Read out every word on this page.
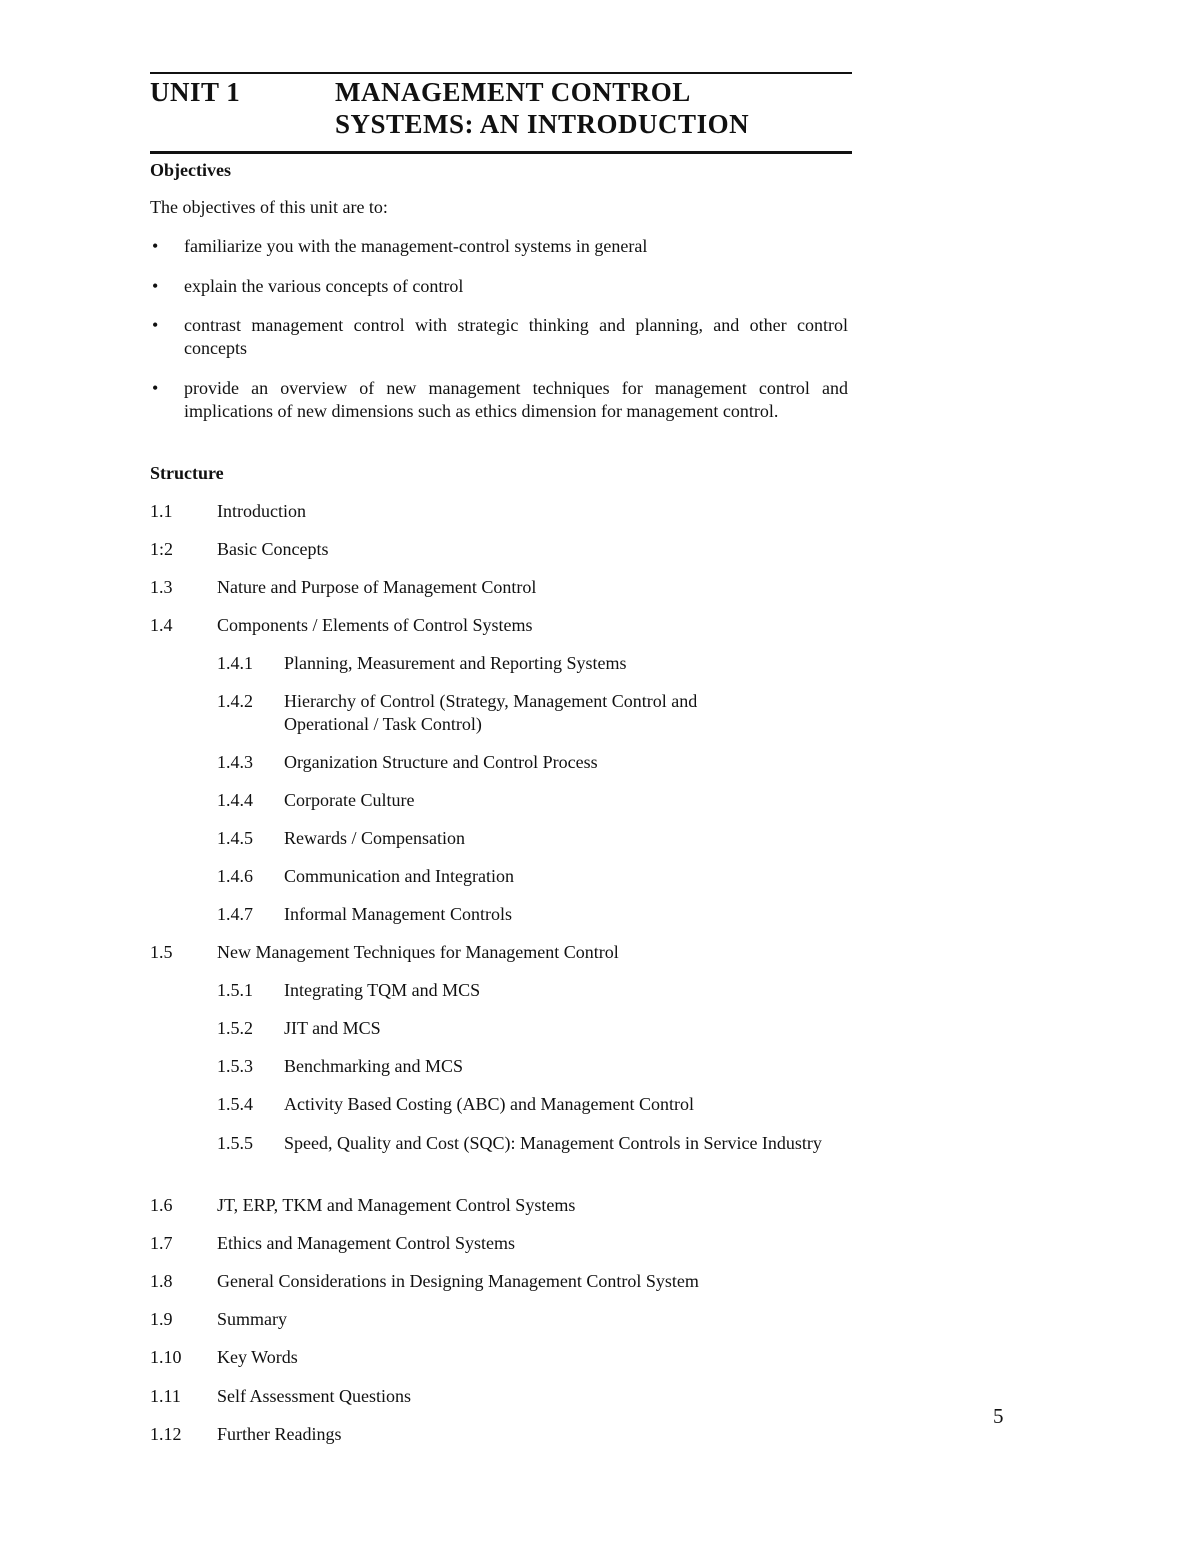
UNIT 1	MANAGEMENT CONTROL
SYSTEMS: AN INTRODUCTION
Objectives
The objectives of this unit are to:
• familiarize you with the management-control systems in general
• explain the various concepts of control
• contrast management control with strategic thinking and planning, and other control concepts
• provide an overview of new management techniques for management control and implications of new dimensions such as ethics dimension for management control.
Structure
1.1 Introduction
1:2 Basic Concepts
1.3 Nature and Purpose of Management Control
1.4 Components / Elements of Control Systems
1.4.1 Planning, Measurement and Reporting Systems
1.4.2 Hierarchy of Control (Strategy, Management Control and Operational / Task Control)
1.4.3 Organization Structure and Control Process
1.4.4 Corporate Culture
1.4.5 Rewards / Compensation
1.4.6 Communication and Integration
1.4.7 Informal Management Controls
1.5 New Management Techniques for Management Control
1.5.1 Integrating TQM and MCS
1.5.2 JIT and MCS
1.5.3 Benchmarking and MCS
1.5.4 Activity Based Costing (ABC) and Management Control
1.5.5 Speed, Quality and Cost (SQC): Management Controls in Service Industry
1.6 JT, ERP, TKM and Management Control Systems
1.7 Ethics and Management Control Systems
1.8 General Considerations in Designing Management Control System
1.9 Summary
1.10 Key Words
1.11 Self Assessment Questions
1.12 Further Readings
5
